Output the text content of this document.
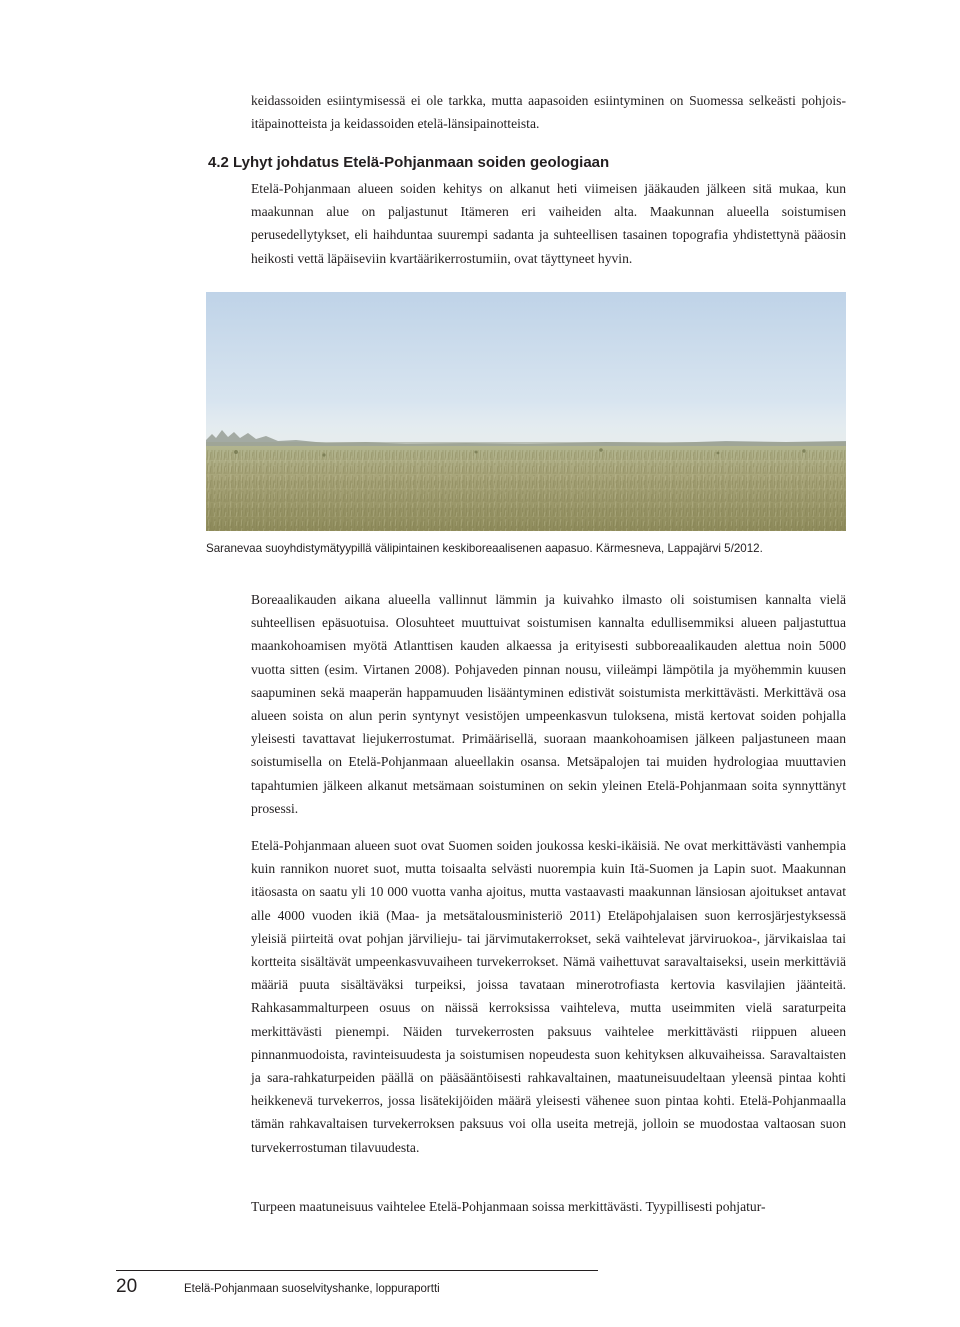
keidassoiden esiintymisessä ei ole tarkka, mutta aapasoiden esiintyminen on Suomessa selkeästi pohjois-itäpainotteista ja keidassoiden etelä-länsipainotteista.

4.2 Lyhyt johdatus Etelä-Pohjanmaan soiden geologiaan

Etelä-Pohjanmaan alueen soiden kehitys on alkanut heti viimeisen jääkauden jälkeen sitä mukaa, kun maakunnan alue on paljastunut Itämeren eri vaiheiden alta. Maakunnan alueella soistumisen perusedellytykset, eli haihduntaa suurempi sadanta ja suhteellisen tasainen topografia yhdistettynä pääosin heikosti vettä läpäiseviin kvartäärikerrostumiin, ovat täyttyneet hyvin.

Saranevaa suoyhdistymätyypillä välipintainen keskiboreaalisenen aapasuo. Kärmesneva, Lappajärvi 5/2012.

Boreaalikauden aikana alueella vallinnut lämmin ja kuivahko ilmasto oli soistumisen kannalta vielä suhteellisen epäsuotuisa. Olosuhteet muuttuivat soistumisen kannalta edullisemmiksi alueen paljastuttua maankohoamisen myötä Atlanttisen kauden alkaessa ja erityisesti subboreaalikauden alettua noin 5000 vuotta sitten (esim. Virtanen 2008). Pohjaveden pinnan nousu, viileämpi lämpötila ja myöhemmin kuusen saapuminen sekä maaperän happamuuden lisääntyminen edistivät soistumista merkittävästi. Merkittävä osa alueen soista on alun perin syntynyt vesistöjen umpeenkasvun tuloksena, mistä kertovat soiden pohjalla yleisesti tavattavat liejukerrostumat. Primäärisellä, suoraan maankohoamisen jälkeen paljastuneen maan soistumisella on Etelä-Pohjanmaan alueellakin osansa. Metsäpalojen tai muiden hydrologiaa muuttavien tapahtumien jälkeen alkanut metsämaan soistuminen on sekin yleinen Etelä-Pohjanmaan soita synnyttänyt prosessi.

Etelä-Pohjanmaan alueen suot ovat Suomen soiden joukossa keski-ikäisiä. Ne ovat merkittävästi vanhempia kuin rannikon nuoret suot, mutta toisaalta selvästi nuorempia kuin Itä-Suomen ja Lapin suot. Maakunnan itäosasta on saatu yli 10 000 vuotta vanha ajoitus, mutta vastaavasti maakunnan länsiosan ajoitukset antavat alle 4000 vuoden ikiä (Maa- ja metsätalousministeriö 2011) Eteläpohjalaisen suon kerrosjärjestyksessä yleisiä piirteitä ovat pohjan järvilieju- tai järvimutakerrokset, sekä vaihtelevat järviruokoa-, järvikaislaa tai kortteita sisältävät umpeenkasvuvaiheen turvekerrokset. Nämä vaihettuvat saravaltaiseksi, usein merkittäviä määriä puuta sisältäväksi turpeiksi, joissa tavataan minerotrofiasta kertovia kasvilajien jäänteitä. Rahkasammalturpeen osuus on näissä kerroksissa vaihteleva, mutta useimmiten vielä saraturpeita merkittävästi pienempi. Näiden turvekerrosten paksuus vaihtelee merkittävästi riippuen alueen pinnanmuodoista, ravinteisuudesta ja soistumisen nopeudesta suon kehityksen alkuvaiheissa. Saravaltaisten ja sara-rahkaturpeiden päällä on pääsääntöisesti rahkavaltainen, maatuneisuudeltaan yleensä pintaa kohti heikkenevä turvekerros, jossa lisätekijöiden määrä yleisesti vähenee suon pintaa kohti. Etelä-Pohjanmaalla tämän rahkavaltaisen turvekerroksen paksuus voi olla useita metrejä, jolloin se muodostaa valtaosan suon turvekerrostuman tilavuudesta.

Turpeen maatuneisuus vaihtelee Etelä-Pohjanmaan soissa merkittävästi. Tyypillisesti pohjatur-

20	Etelä-Pohjanmaan suoselvityshanke, loppuraportti
